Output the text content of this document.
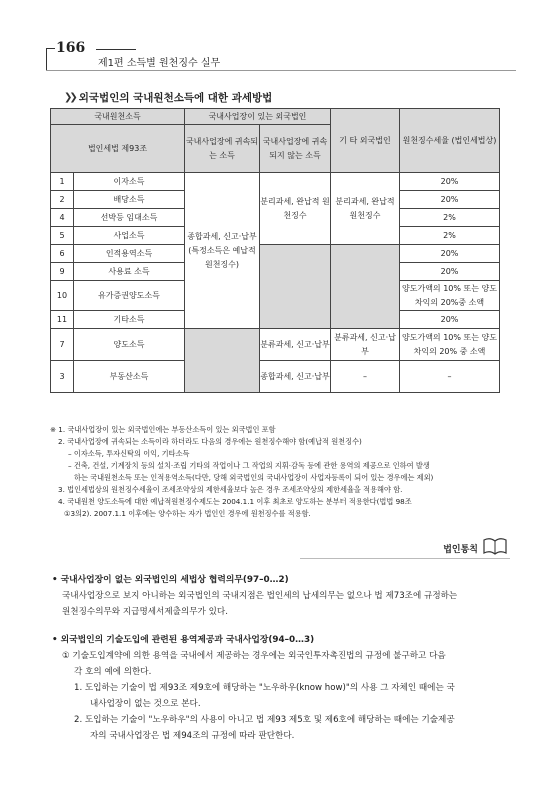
166
제1편 소득별 원천징수 실무
❯❯ 외국법인의 국내원천소득에 대한 과세방법
국내원천소득		국내사업장이 있는 외국법인		기 타 외국법인	원천징수세율 (법인세법상)
법인세법 제93조		국내사업장에 귀속되는 소득	국내사업장에 귀속되지 않는 소득		
1	이자소득	종합과세, 신고·납부 (특정소득은 예납적 원천징수)	분리과세, 완납적 원천징수	분리과세, 완납적 원천징수	20%
2	배당소득				20%
4	선박등 임대소득				2%
5	사업소득				2%
6	인적용역소득				20%
9	사용료 소득				20%
10	유가증권양도소득				양도가액의 10% 또는 양도차익의 20%중 소액
11	기타소득				20%
7	양도소득		분류과세, 신고·납부	분류과세, 신고·납부	양도가액의 10% 또는 양도차익의 20% 중 소액
3	부동산소득		종합과세, 신고·납부	–	–
※ 1. 국내사업장이 있는 외국법인에는 부동산소득이 있는 외국법인 포함
2. 국내사업장에 귀속되는 소득이라 하더라도 다음의 경우에는 원천징수해야 함(예납적 원천징수)
– 이자소득, 투자신탁의 이익, 기타소득
– 건축, 건설, 기계장치 등의 설치·조립 기타의 작업이나 그 작업의 지휘·감독 등에 관한 용역의 제공으로 인하여 발생
하는 국내원천소득 또는 인적용역소득(다만, 당해 외국법인의 국내사업장이 사업자등록이 되어 있는 경우에는 제외)
3. 법인세법상의 원천징수세율이 조세조약상의 제한세율보다 높은 경우 조세조약상의 제한세율을 적용해야 함.
4. 국내원천 양도소득에 대한 예납적원천징수제도는 2004.1.1 이후 최초로 양도하는 분부터 적용한다(법법 98조
①3의2). 2007.1.1 이후에는 양수하는 자가 법인인 경우에 원천징수를 적용함.
법인통칙
• 국내사업장이 없는 외국법인의 세법상 협력의무(97–0…2)
국내사업장으로 보지 아니하는 외국법인의 국내지점은 법인세의 납세의무는 없으나 법 제73조에 규정하는
원천징수의무와 지급명세서제출의무가 있다.
• 외국법인의 기술도입에 관련된 용역제공과 국내사업장(94–0…3)
① 기술도입계약에 의한 용역을 국내에서 제공하는 경우에는 외국인투자촉진법의 규정에 불구하고 다음
각 호의 예에 의한다.
1. 도입하는 기술이 법 제93조 제9호에 해당하는 "노우하우(know how)"의 사용 그 자체인 때에는 국
내사업장이 없는 것으로 본다.
2. 도입하는 기술이 "노우하우"의 사용이 아니고 법 제93 제5호 및 제6호에 해당하는 때에는 기술제공
자의 국내사업장은 법 제94조의 규정에 따라 판단한다.
